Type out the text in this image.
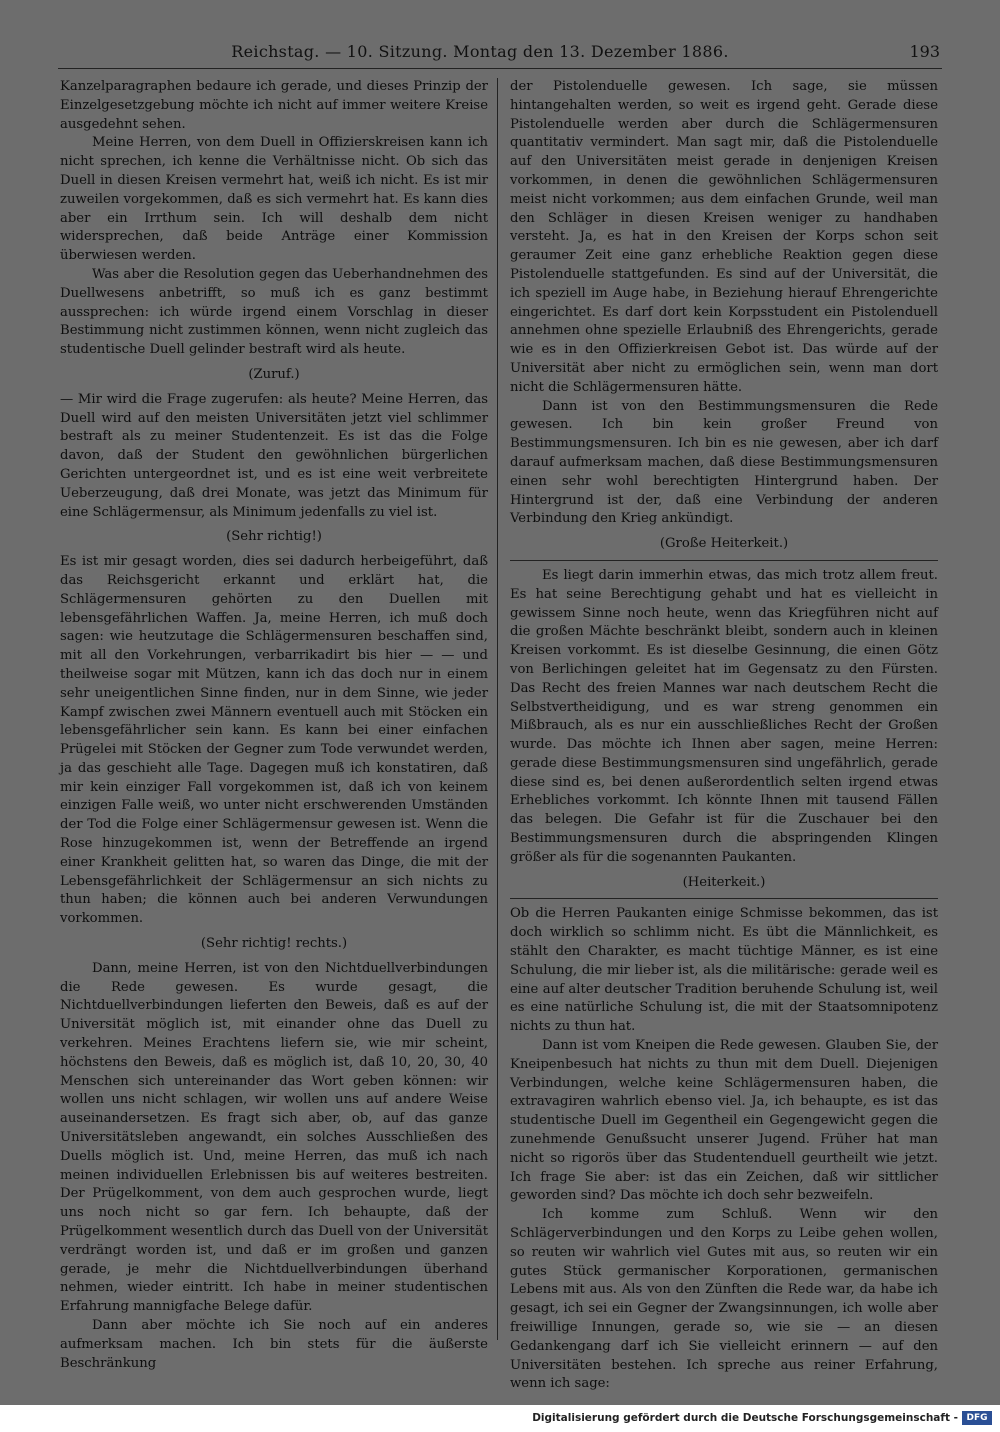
Reichstag. — 10. Sitzung. Montag den 13. Dezember 1886.	193

Kanzelparagraphen bedaure ich gerade, und dieses Prinzip der Einzelgesetzgebung möchte ich nicht auf immer weitere Kreise ausgedehnt sehen.

Meine Herren, von dem Duell in Offizierskreisen kann ich nicht sprechen, ich kenne die Verhältnisse nicht. Ob sich das Duell in diesen Kreisen vermehrt hat, weiß ich nicht. Es ist mir zuweilen vorgekommen, daß es sich vermehrt hat. Es kann dies aber ein Irrthum sein. Ich will deshalb dem nicht widersprechen, daß beide Anträge einer Kommission überwiesen werden.

Was aber die Resolution gegen das Ueberhandnehmen des Duellwesens anbetrifft, so muß ich es ganz bestimmt aussprechen: ich würde irgend einem Vorschlag in dieser Bestimmung nicht zustimmen können, wenn nicht zugleich das studentische Duell gelinder bestraft wird als heute.

(Zuruf.)

— Mir wird die Frage zugerufen: als heute? Meine Herren, das Duell wird auf den meisten Universitäten jetzt viel schlimmer bestraft als zu meiner Studentenzeit. Es ist das die Folge davon, daß der Student den gewöhnlichen bürgerlichen Gerichten untergeordnet ist, und es ist eine weit verbreitete Ueberzeugung, daß drei Monate, was jetzt das Minimum für eine Schlägermensur, als Minimum jedenfalls zu viel ist.

(Sehr richtig!)

Es ist mir gesagt worden, dies sei dadurch herbeigeführt, daß das Reichsgericht erkannt und erklärt hat, die Schlägermensuren gehörten zu den Duellen mit lebensgefährlichen Waffen. Ja, meine Herren, ich muß doch sagen: wie heutzutage die Schlägermensuren beschaffen sind, mit all den Vorkehrungen, verbarrikadirt bis hier — — und theilweise sogar mit Mützen, kann ich das doch nur in einem sehr uneigentlichen Sinne finden, nur in dem Sinne, wie jeder Kampf zwischen zwei Männern eventuell auch mit Stöcken ein lebensgefährlicher sein kann. Es kann bei einer einfachen Prügelei mit Stöcken der Gegner zum Tode verwundet werden, ja das geschieht alle Tage. Dagegen muß ich konstatiren, daß mir kein einziger Fall vorgekommen ist, daß ich von keinem einzigen Falle weiß, wo unter nicht erschwerenden Umständen der Tod die Folge einer Schlägermensur gewesen ist. Wenn die Rose hinzugekommen ist, wenn der Betreffende an irgend einer Krankheit gelitten hat, so waren das Dinge, die mit der Lebensgefährlichkeit der Schlägermensur an sich nichts zu thun haben; die können auch bei anderen Verwundungen vorkommen.

(Sehr richtig! rechts.)

Dann, meine Herren, ist von den Nichtduellverbindungen die Rede gewesen. Es wurde gesagt, die Nichtduellverbindungen lieferten den Beweis, daß es auf der Universität möglich ist, mit einander ohne das Duell zu verkehren. Meines Erachtens liefern sie, wie mir scheint, höchstens den Beweis, daß es möglich ist, daß 10, 20, 30, 40 Menschen sich untereinander das Wort geben können: wir wollen uns nicht schlagen, wir wollen uns auf andere Weise auseinandersetzen. Es fragt sich aber, ob, auf das ganze Universitätsleben angewandt, ein solches Ausschließen des Duells möglich ist. Und, meine Herren, das muß ich nach meinen individuellen Erlebnissen bis auf weiteres bestreiten. Der Prügelkomment, von dem auch gesprochen wurde, liegt uns noch nicht so gar fern. Ich behaupte, daß der Prügelkomment wesentlich durch das Duell von der Universität verdrängt worden ist, und daß er im großen und ganzen gerade, je mehr die Nichtduellverbindungen überhand nehmen, wieder eintritt. Ich habe in meiner studentischen Erfahrung mannigfache Belege dafür.

Dann aber möchte ich Sie noch auf ein anderes aufmerksam machen. Ich bin stets für die äußerste Beschränkung

der Pistolenduelle gewesen. Ich sage, sie müssen hintangehalten werden, so weit es irgend geht. Gerade diese Pistolenduelle werden aber durch die Schlägermensuren quantitativ vermindert. Man sagt mir, daß die Pistolenduelle auf den Universitäten meist gerade in denjenigen Kreisen vorkommen, in denen die gewöhnlichen Schlägermensuren meist nicht vorkommen; aus dem einfachen Grunde, weil man den Schläger in diesen Kreisen weniger zu handhaben versteht. Ja, es hat in den Kreisen der Korps schon seit geraumer Zeit eine ganz erhebliche Reaktion gegen diese Pistolenduelle stattgefunden. Es sind auf der Universität, die ich speziell im Auge habe, in Beziehung hierauf Ehrengerichte eingerichtet. Es darf dort kein Korpsstudent ein Pistolenduell annehmen ohne spezielle Erlaubniß des Ehrengerichts, gerade wie es in den Offizierkreisen Gebot ist. Das würde auf der Universität aber nicht zu ermöglichen sein, wenn man dort nicht die Schlägermensuren hätte.

Dann ist von den Bestimmungsmensuren die Rede gewesen. Ich bin kein großer Freund von Bestimmungsmensuren. Ich bin es nie gewesen, aber ich darf darauf aufmerksam machen, daß diese Bestimmungsmensuren einen sehr wohl berechtigten Hintergrund haben. Der Hintergrund ist der, daß eine Verbindung der anderen Verbindung den Krieg ankündigt.

(Große Heiterkeit.)

Es liegt darin immerhin etwas, das mich trotz allem freut. Es hat seine Berechtigung gehabt und hat es vielleicht in gewissem Sinne noch heute, wenn das Kriegführen nicht auf die großen Mächte beschränkt bleibt, sondern auch in kleinen Kreisen vorkommt. Es ist dieselbe Gesinnung, die einen Götz von Berlichingen geleitet hat im Gegensatz zu den Fürsten. Das Recht des freien Mannes war nach deutschem Recht die Selbstvertheidigung, und es war streng genommen ein Mißbrauch, als es nur ein ausschließliches Recht der Großen wurde. Das möchte ich Ihnen aber sagen, meine Herren: gerade diese Bestimmungsmensuren sind ungefährlich, gerade diese sind es, bei denen außerordentlich selten irgend etwas Erhebliches vorkommt. Ich könnte Ihnen mit tausend Fällen das belegen. Die Gefahr ist für die Zuschauer bei den Bestimmungsmensuren durch die abspringenden Klingen größer als für die sogenannten Paukanten.

(Heiterkeit.)

Ob die Herren Paukanten einige Schmisse bekommen, das ist doch wirklich so schlimm nicht. Es übt die Männlichkeit, es stählt den Charakter, es macht tüchtige Männer, es ist eine Schulung, die mir lieber ist, als die militärische: gerade weil es eine auf alter deutscher Tradition beruhende Schulung ist, weil es eine natürliche Schulung ist, die mit der Staatsomnipotenz nichts zu thun hat.

Dann ist vom Kneipen die Rede gewesen. Glauben Sie, der Kneipenbesuch hat nichts zu thun mit dem Duell. Diejenigen Verbindungen, welche keine Schlägermensuren haben, die extravagiren wahrlich ebenso viel. Ja, ich behaupte, es ist das studentische Duell im Gegentheil ein Gegengewicht gegen die zunehmende Genußsucht unserer Jugend. Früher hat man nicht so rigorös über das Studentenduell geurtheilt wie jetzt. Ich frage Sie aber: ist das ein Zeichen, daß wir sittlicher geworden sind? Das möchte ich doch sehr bezweifeln.

Ich komme zum Schluß. Wenn wir den Schlägerverbindungen und den Korps zu Leibe gehen wollen, so reuten wir wahrlich viel Gutes mit aus, so reuten wir ein gutes Stück germanischer Korporationen, germanischen Lebens mit aus. Als von den Zünften die Rede war, da habe ich gesagt, ich sei ein Gegner der Zwangsinnungen, ich wolle aber freiwillige Innungen, gerade so, wie sie — an diesen Gedankengang darf ich Sie vielleicht erinnern — auf den Universitäten bestehen. Ich spreche aus reiner Erfahrung, wenn ich sage:

Digitalisierung gefördert durch die Deutsche Forschungsgemeinschaft - DFG
